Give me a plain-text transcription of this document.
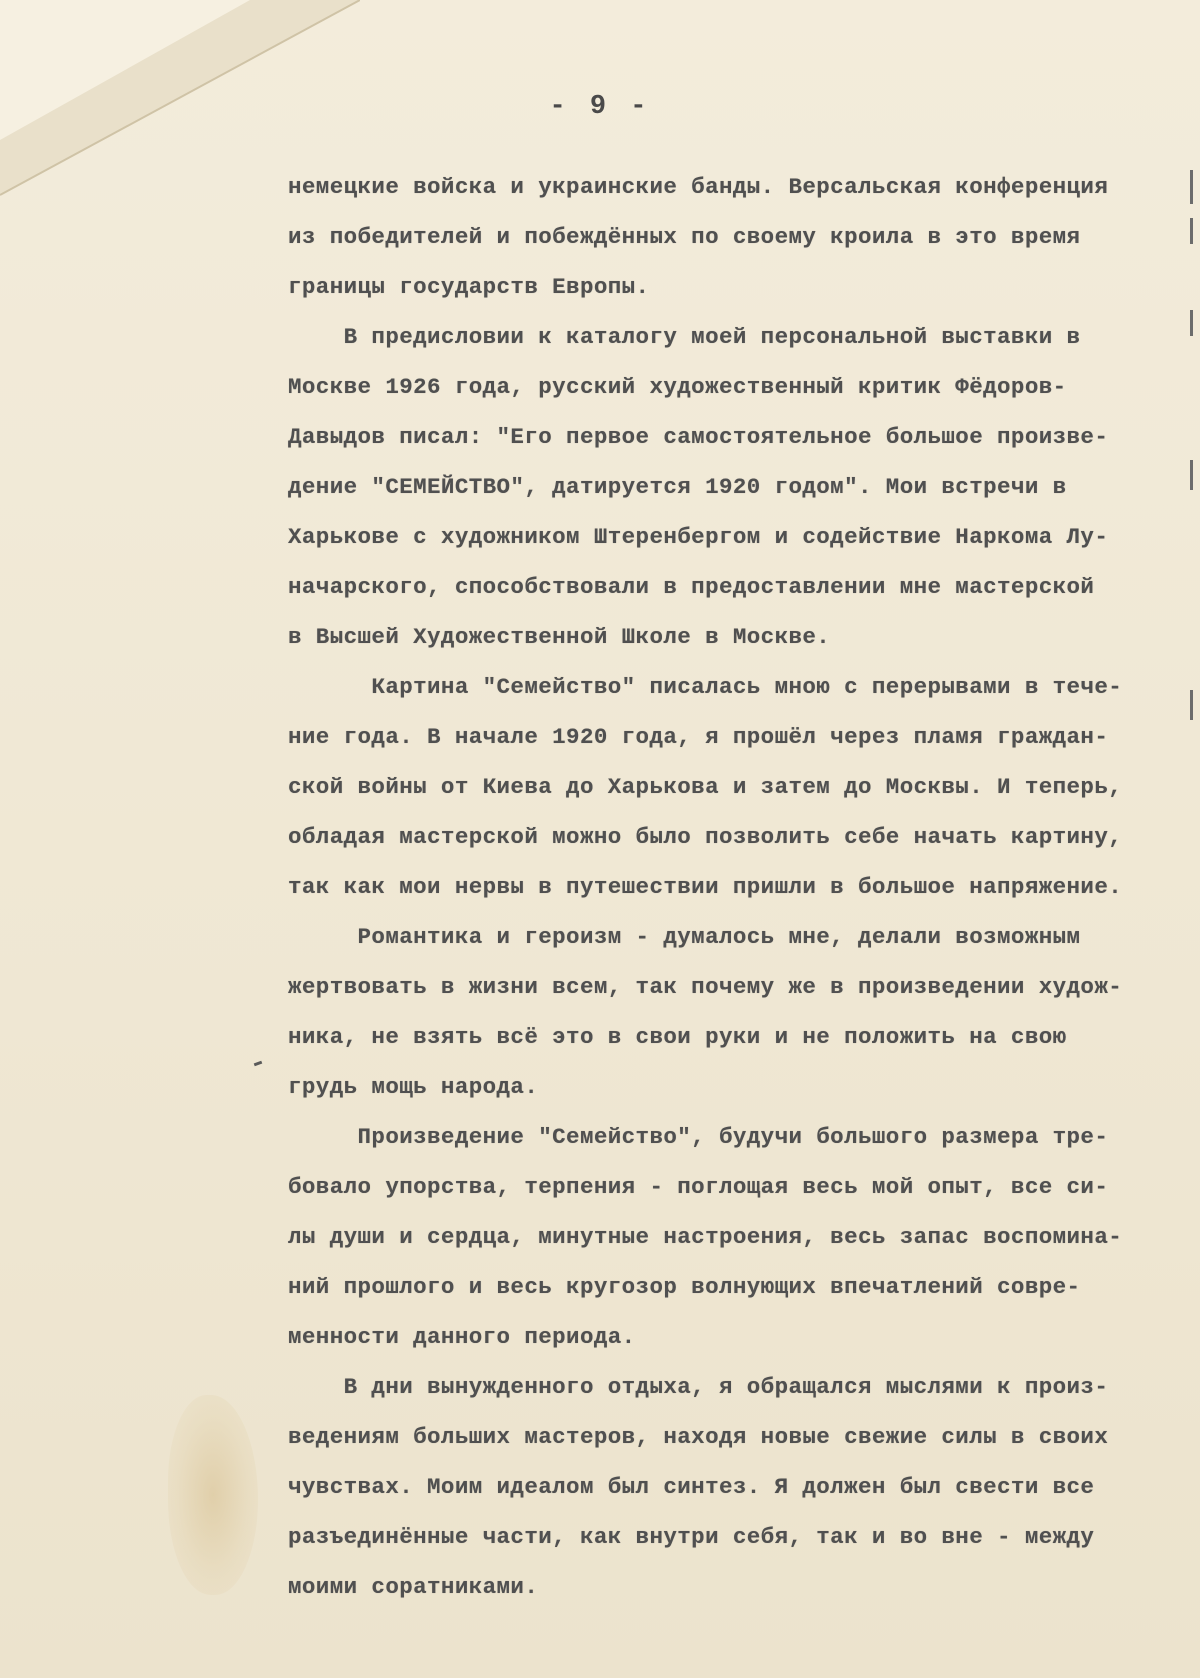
- 9 -
немецкие войска и украинские банды. Версальская конференция
из победителей и побеждённых по своему кроила в это время
границы государств Европы.
В предисловии к каталогу моей персональной выставки в
Москве 1926 года, русский художественный критик Фёдоров-
Давыдов писал: "Его первое самостоятельное большое произве-
дение "СЕМЕЙСТВО", датируется 1920 годом". Мои встречи в
Харькове с художником Штеренбергом и содействие Наркома Лу-
начарского, способствовали в предоставлении мне мастерской
в Высшей Художественной Школе в Москве.
Картина "Семейство" писалась мною с перерывами в тече-
ние года. В начале 1920 года, я прошёл через пламя граждан-
ской войны от Киева до Харькова и затем до Москвы. И теперь,
обладая мастерской можно было позволить себе начать картину,
так как мои нервы в путешествии пришли в большое напряжение.
Романтика и героизм - думалось мне, делали возможным
жертвовать в жизни всем, так почему же в произведении худож-
ника, не взять всё это в свои руки и не положить на свою
грудь мощь народа.
Произведение "Семейство", будучи большого размера тре-
бовало упорства, терпения - поглощая весь мой опыт, все си-
лы души и сердца, минутные настроения, весь запас воспомина-
ний прошлого и весь кругозор волнующих впечатлений совре-
менности данного периода.
В дни вынужденного отдыха, я обращался мыслями к произ-
ведениям больших мастеров, находя новые свежие силы в своих
чувствах. Моим идеалом был синтез. Я должен был свести все
разъединённые части, как внутри себя, так и во вне - между
моими соратниками.
